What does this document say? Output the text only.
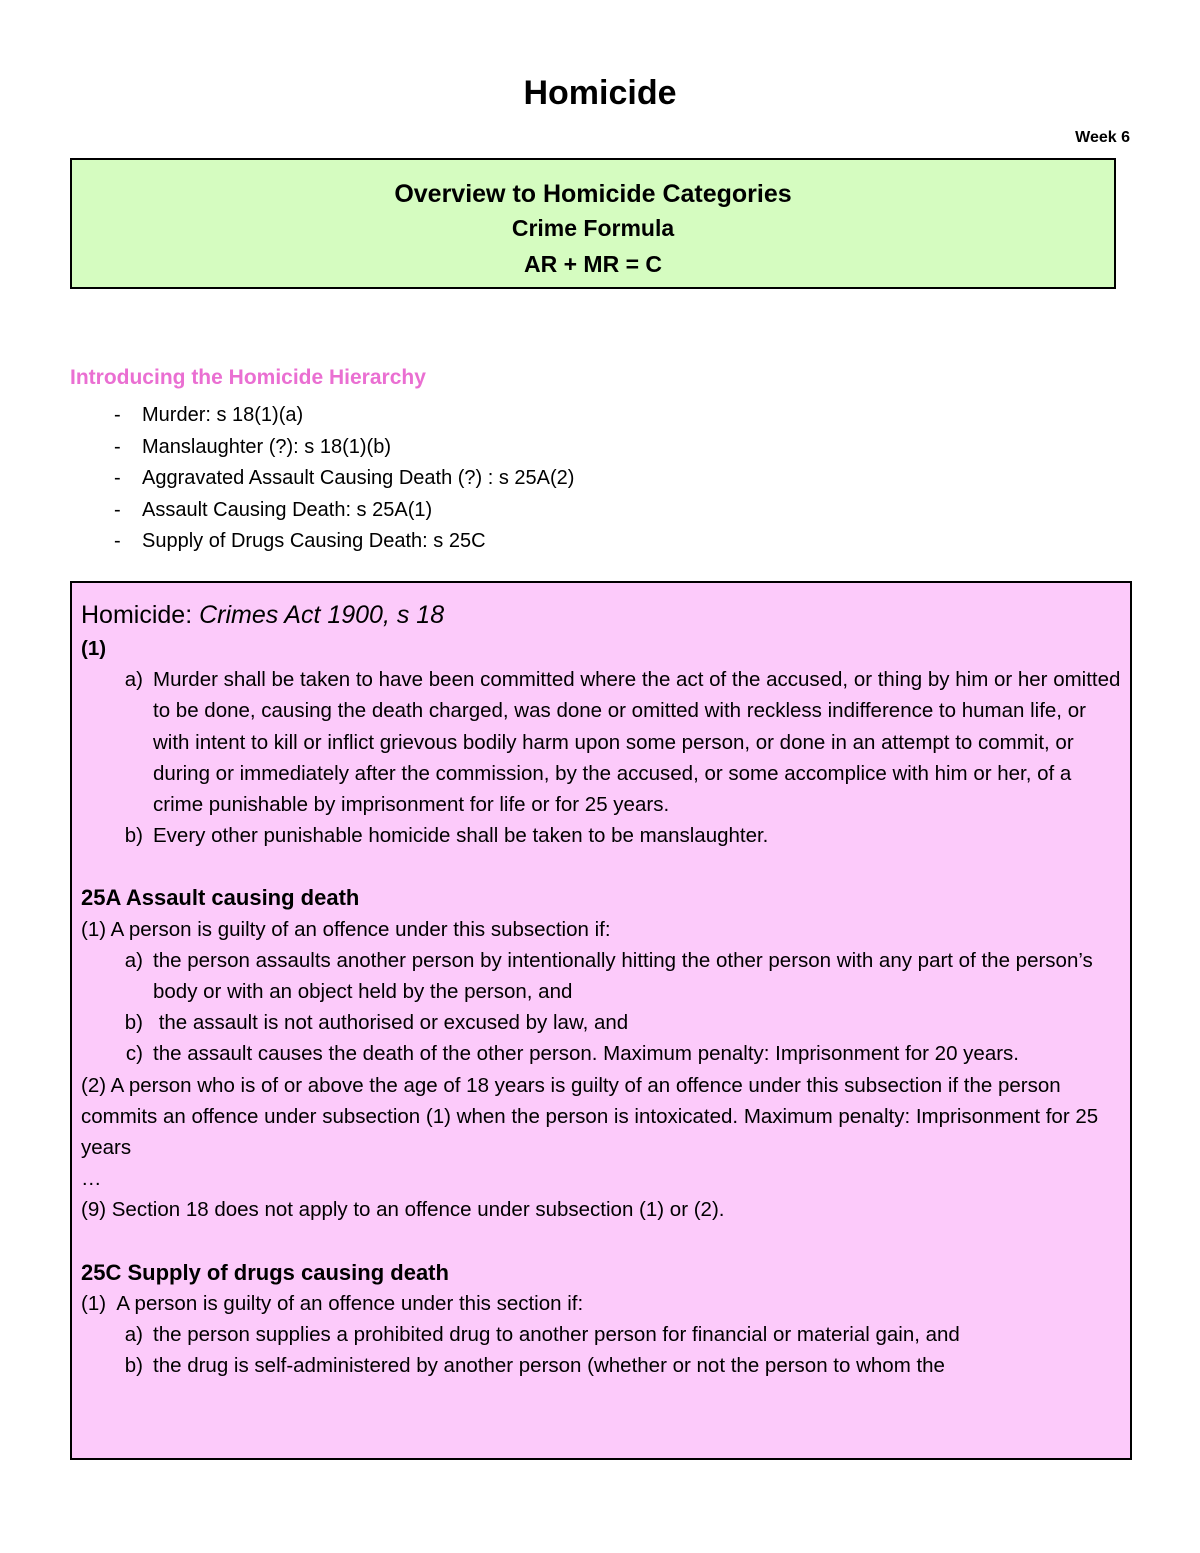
Homicide
Week 6
Overview to Homicide Categories
Crime Formula
AR + MR = C
Introducing the Homicide Hierarchy
-	Murder: s 18(1)(a)
-	Manslaughter (?): s 18(1)(b)
-	Aggravated Assault Causing Death (?) : s 25A(2)
-	Assault Causing Death: s 25A(1)
-	Supply of Drugs Causing Death: s 25C
Homicide: Crimes Act 1900, s 18
(1)
a) Murder shall be taken to have been committed where the act of the accused, or thing by him or her omitted to be done, causing the death charged, was done or omitted with reckless indifference to human life, or with intent to kill or inflict grievous bodily harm upon some person, or done in an attempt to commit, or during or immediately after the commission, by the accused, or some accomplice with him or her, of a crime punishable by imprisonment for life or for 25 years.
b) Every other punishable homicide shall be taken to be manslaughter.
25A Assault causing death
(1) A person is guilty of an offence under this subsection if:
a) the person assaults another person by intentionally hitting the other person with any part of the person’s body or with an object held by the person, and
b) the assault is not authorised or excused by law, and
c) the assault causes the death of the other person. Maximum penalty: Imprisonment for 20 years.
(2) A person who is of or above the age of 18 years is guilty of an offence under this subsection if the person commits an offence under subsection (1) when the person is intoxicated. Maximum penalty: Imprisonment for 25 years
…
(9) Section 18 does not apply to an offence under subsection (1) or (2).
25C Supply of drugs causing death
(1)  A person is guilty of an offence under this section if:
a) the person supplies a prohibited drug to another person for financial or material gain, and
b) the drug is self-administered by another person (whether or not the person to whom the
